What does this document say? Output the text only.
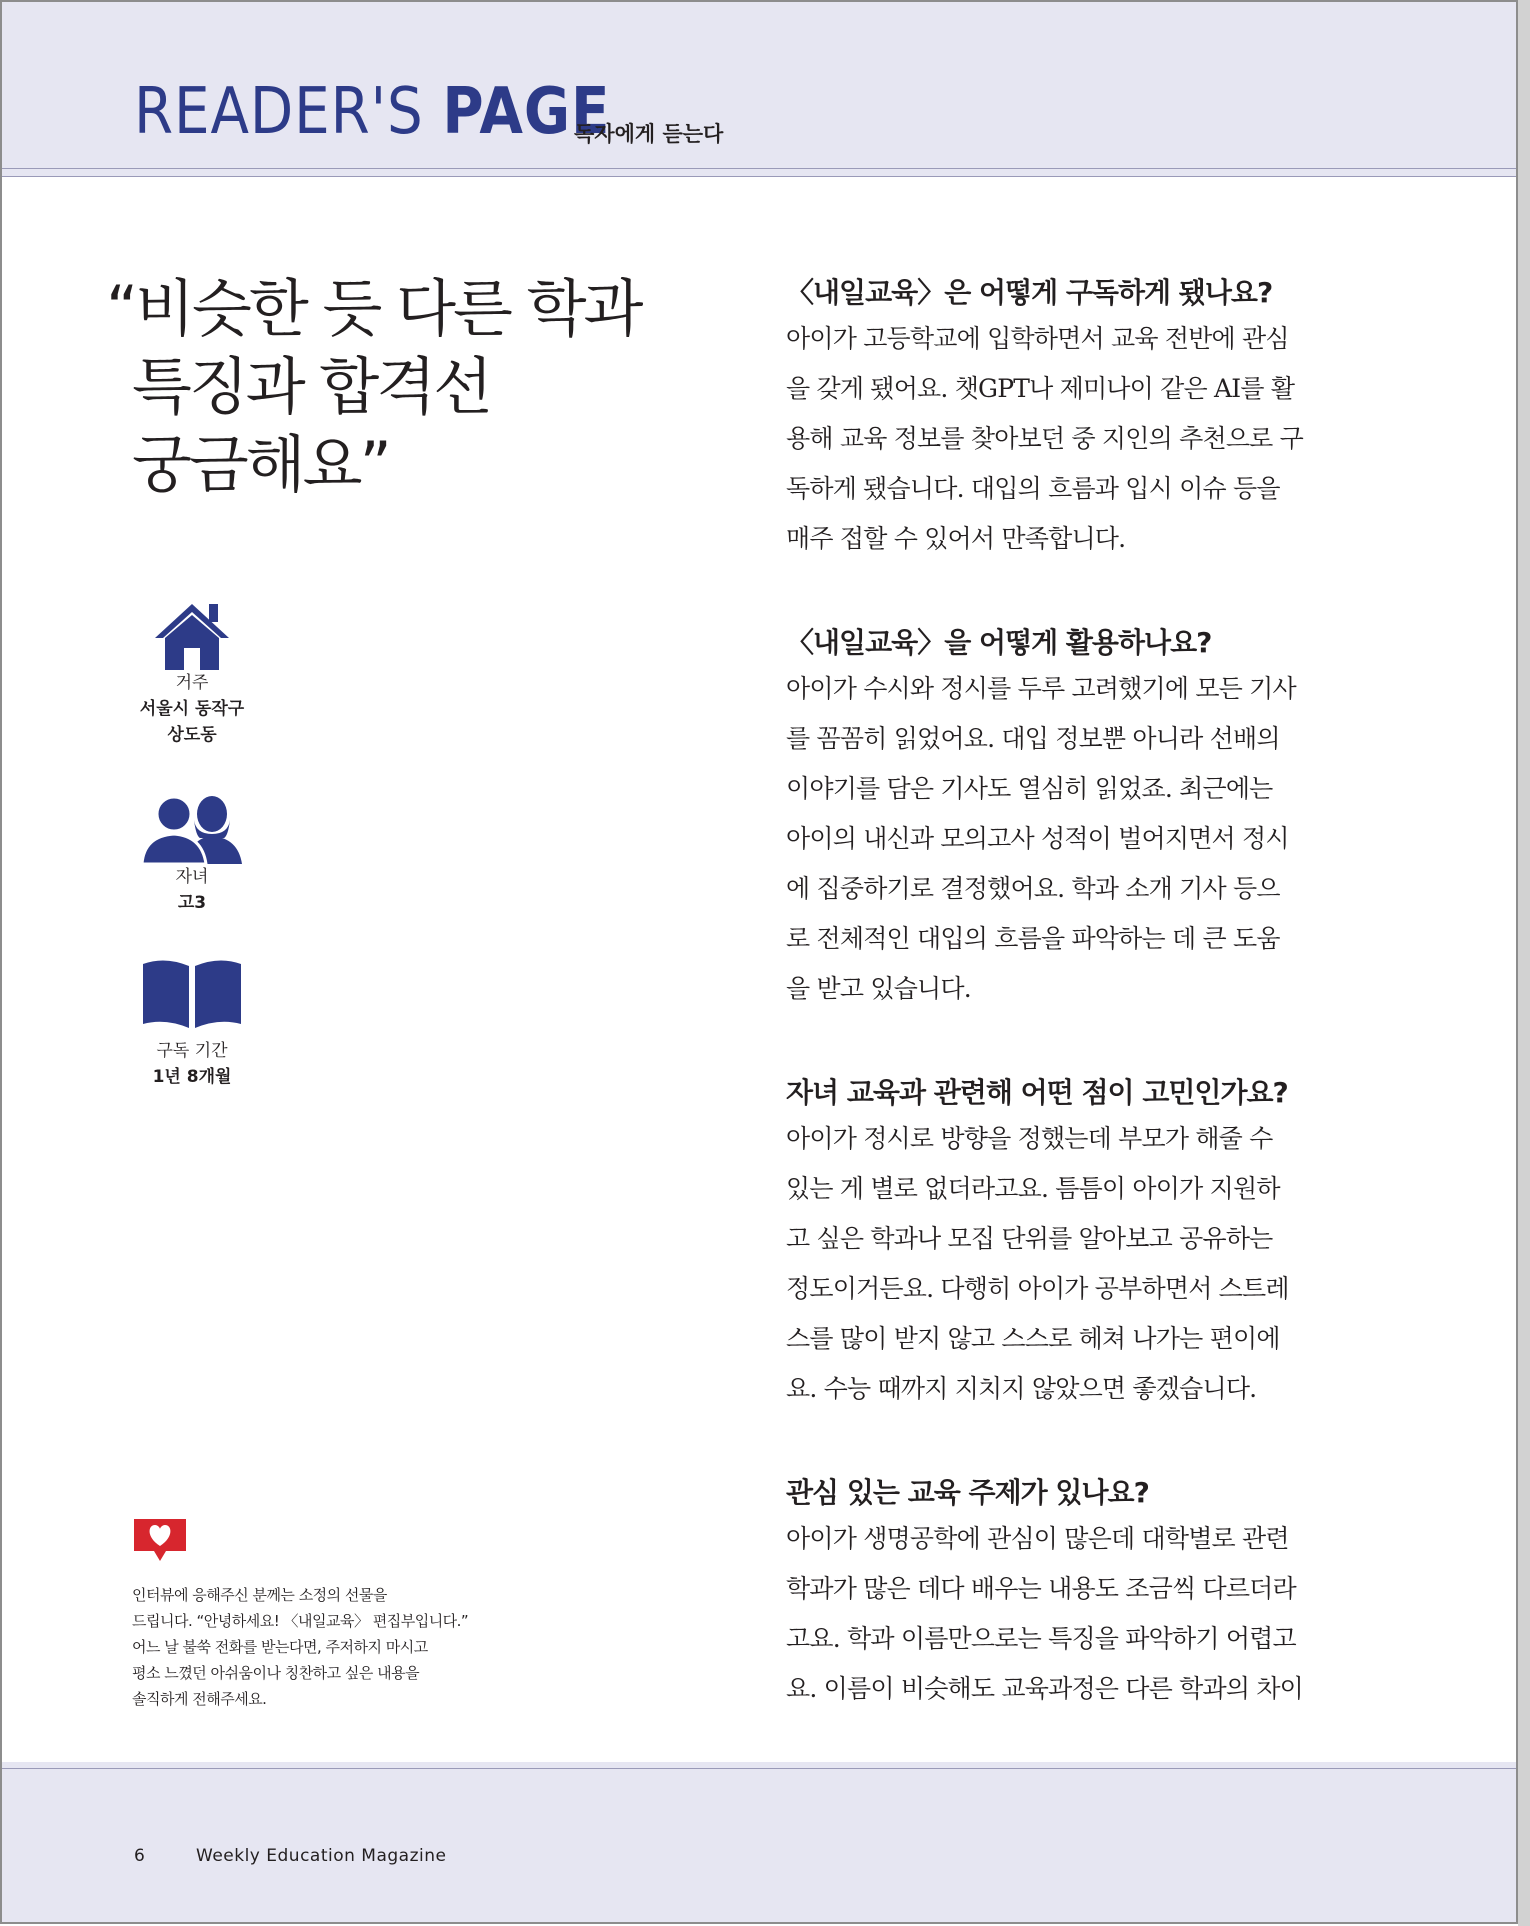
READER'S PAGE
독자에게 듣는다
“비슷한 듯 다른 학과
특징과 합격선
궁금해요”
거주
서울시 동작구
상도동
자녀
고3
구독 기간
1년 8개월
인터뷰에 응해주신 분께는 소정의 선물을
드립니다. “안녕하세요! 〈내일교육〉 편집부입니다.”
어느 날 불쑥 전화를 받는다면, 주저하지 마시고
평소 느꼈던 아쉬움이나 칭찬하고 싶은 내용을
솔직하게 전해주세요.
〈내일교육〉은 어떻게 구독하게 됐나요?
아이가 고등학교에 입학하면서 교육 전반에 관심
을 갖게 됐어요. 챗GPT나 제미나이 같은 AI를 활
용해 교육 정보를 찾아보던 중 지인의 추천으로 구
독하게 됐습니다. 대입의 흐름과 입시 이슈 등을
매주 접할 수 있어서 만족합니다.
〈내일교육〉을 어떻게 활용하나요?
아이가 수시와 정시를 두루 고려했기에 모든 기사
를 꼼꼼히 읽었어요. 대입 정보뿐 아니라 선배의
이야기를 담은 기사도 열심히 읽었죠. 최근에는
아이의 내신과 모의고사 성적이 벌어지면서 정시
에 집중하기로 결정했어요. 학과 소개 기사 등으
로 전체적인 대입의 흐름을 파악하는 데 큰 도움
을 받고 있습니다.
자녀 교육과 관련해 어떤 점이 고민인가요?
아이가 정시로 방향을 정했는데 부모가 해줄 수
있는 게 별로 없더라고요. 틈틈이 아이가 지원하
고 싶은 학과나 모집 단위를 알아보고 공유하는
정도이거든요. 다행히 아이가 공부하면서 스트레
스를 많이 받지 않고 스스로 헤쳐 나가는 편이에
요. 수능 때까지 지치지 않았으면 좋겠습니다.
관심 있는 교육 주제가 있나요?
아이가 생명공학에 관심이 많은데 대학별로 관련
학과가 많은 데다 배우는 내용도 조금씩 다르더라
고요. 학과 이름만으로는 특징을 파악하기 어렵고
요. 이름이 비슷해도 교육과정은 다른 학과의 차이
6	Weekly Education Magazine
